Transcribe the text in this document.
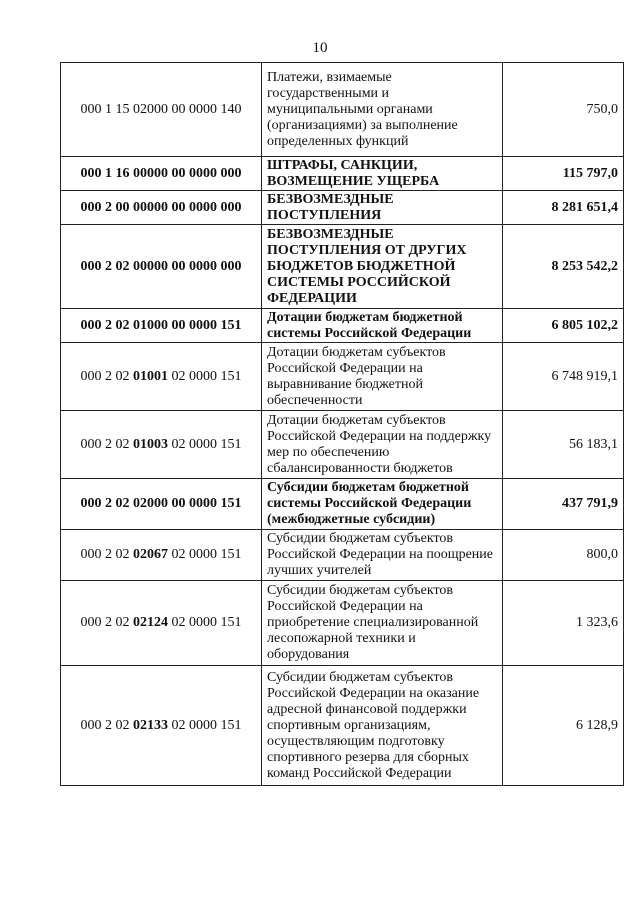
10
000 1 15 02000 00 0000 140	Платежи, взимаемые государственными и муниципальными органами (организациями) за выполнение определенных функций	750,0
000 1 16 00000 00 0000 000	ШТРАФЫ, САНКЦИИ, ВОЗМЕЩЕНИЕ УЩЕРБА	115 797,0
000 2 00 00000 00 0000 000	БЕЗВОЗМЕЗДНЫЕ ПОСТУПЛЕНИЯ	8 281 651,4
000 2 02 00000 00 0000 000	БЕЗВОЗМЕЗДНЫЕ ПОСТУПЛЕНИЯ ОТ ДРУГИХ БЮДЖЕТОВ БЮДЖЕТНОЙ СИСТЕМЫ РОССИЙСКОЙ ФЕДЕРАЦИИ	8 253 542,2
000 2 02 01000 00 0000 151	Дотации бюджетам бюджетной системы Российской Федерации	6 805 102,2
000 2 02 01001 02 0000 151	Дотации бюджетам субъектов Российской Федерации на выравнивание бюджетной обеспеченности	6 748 919,1
000 2 02 01003 02 0000 151	Дотации бюджетам субъектов Российской Федерации на поддержку мер по обеспечению сбалансированности бюджетов	56 183,1
000 2 02 02000 00 0000 151	Субсидии бюджетам бюджетной системы Российской Федерации (межбюджетные субсидии)	437 791,9
000 2 02 02067 02 0000 151	Субсидии бюджетам субъектов Российской Федерации на поощрение лучших учителей	800,0
000 2 02 02124 02 0000 151	Субсидии бюджетам субъектов Российской Федерации на приобретение специализированной лесопожарной техники и оборудования	1 323,6
000 2 02 02133 02 0000 151	Субсидии бюджетам субъектов Российской Федерации на оказание адресной финансовой поддержки спортивным организациям, осуществляющим подготовку спортивного резерва для сборных команд Российской Федерации	6 128,9
